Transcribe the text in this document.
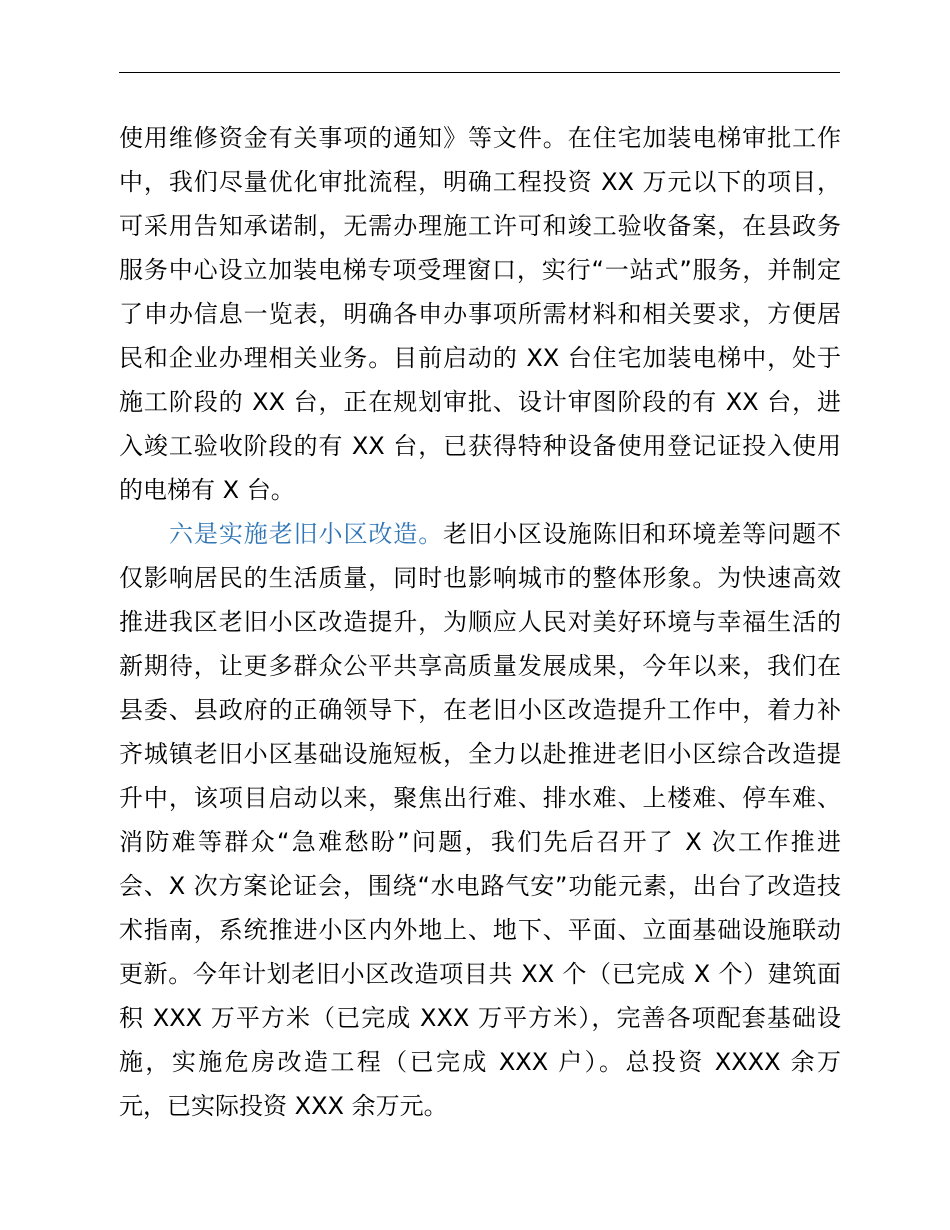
使用维修资金有关事项的通知》等文件。在住宅加装电梯审批工作
中，我们尽量优化审批流程，明确工程投资 XX 万元以下的项目，
可采用告知承诺制，无需办理施工许可和竣工验收备案，在县政务
服务中心设立加装电梯专项受理窗口，实行“一站式”服务，并制定
了申办信息一览表，明确各申办事项所需材料和相关要求，方便居
民和企业办理相关业务。目前启动的 XX 台住宅加装电梯中，处于
施工阶段的 XX 台，正在规划审批、设计审图阶段的有 XX 台，进
入竣工验收阶段的有 XX 台，已获得特种设备使用登记证投入使用
的电梯有 X 台。
六是实施老旧小区改造。老旧小区设施陈旧和环境差等问题不
仅影响居民的生活质量，同时也影响城市的整体形象。为快速高效
推进我区老旧小区改造提升，为顺应人民对美好环境与幸福生活的
新期待，让更多群众公平共享高质量发展成果，今年以来，我们在
县委、县政府的正确领导下，在老旧小区改造提升工作中，着力补
齐城镇老旧小区基础设施短板，全力以赴推进老旧小区综合改造提
升中，该项目启动以来，聚焦出行难、排水难、上楼难、停车难、
消防难等群众“急难愁盼”问题，我们先后召开了 X 次工作推进
会、X 次方案论证会，围绕“水电路气安”功能元素，出台了改造技
术指南，系统推进小区内外地上、地下、平面、立面基础设施联动
更新。今年计划老旧小区改造项目共 XX 个（已完成 X 个）建筑面
积 XXX 万平方米（已完成 XXX 万平方米），完善各项配套基础设
施，实施危房改造工程（已完成 XXX 户）。总投资 XXXX 余万
元，已实际投资 XXX 余万元。
